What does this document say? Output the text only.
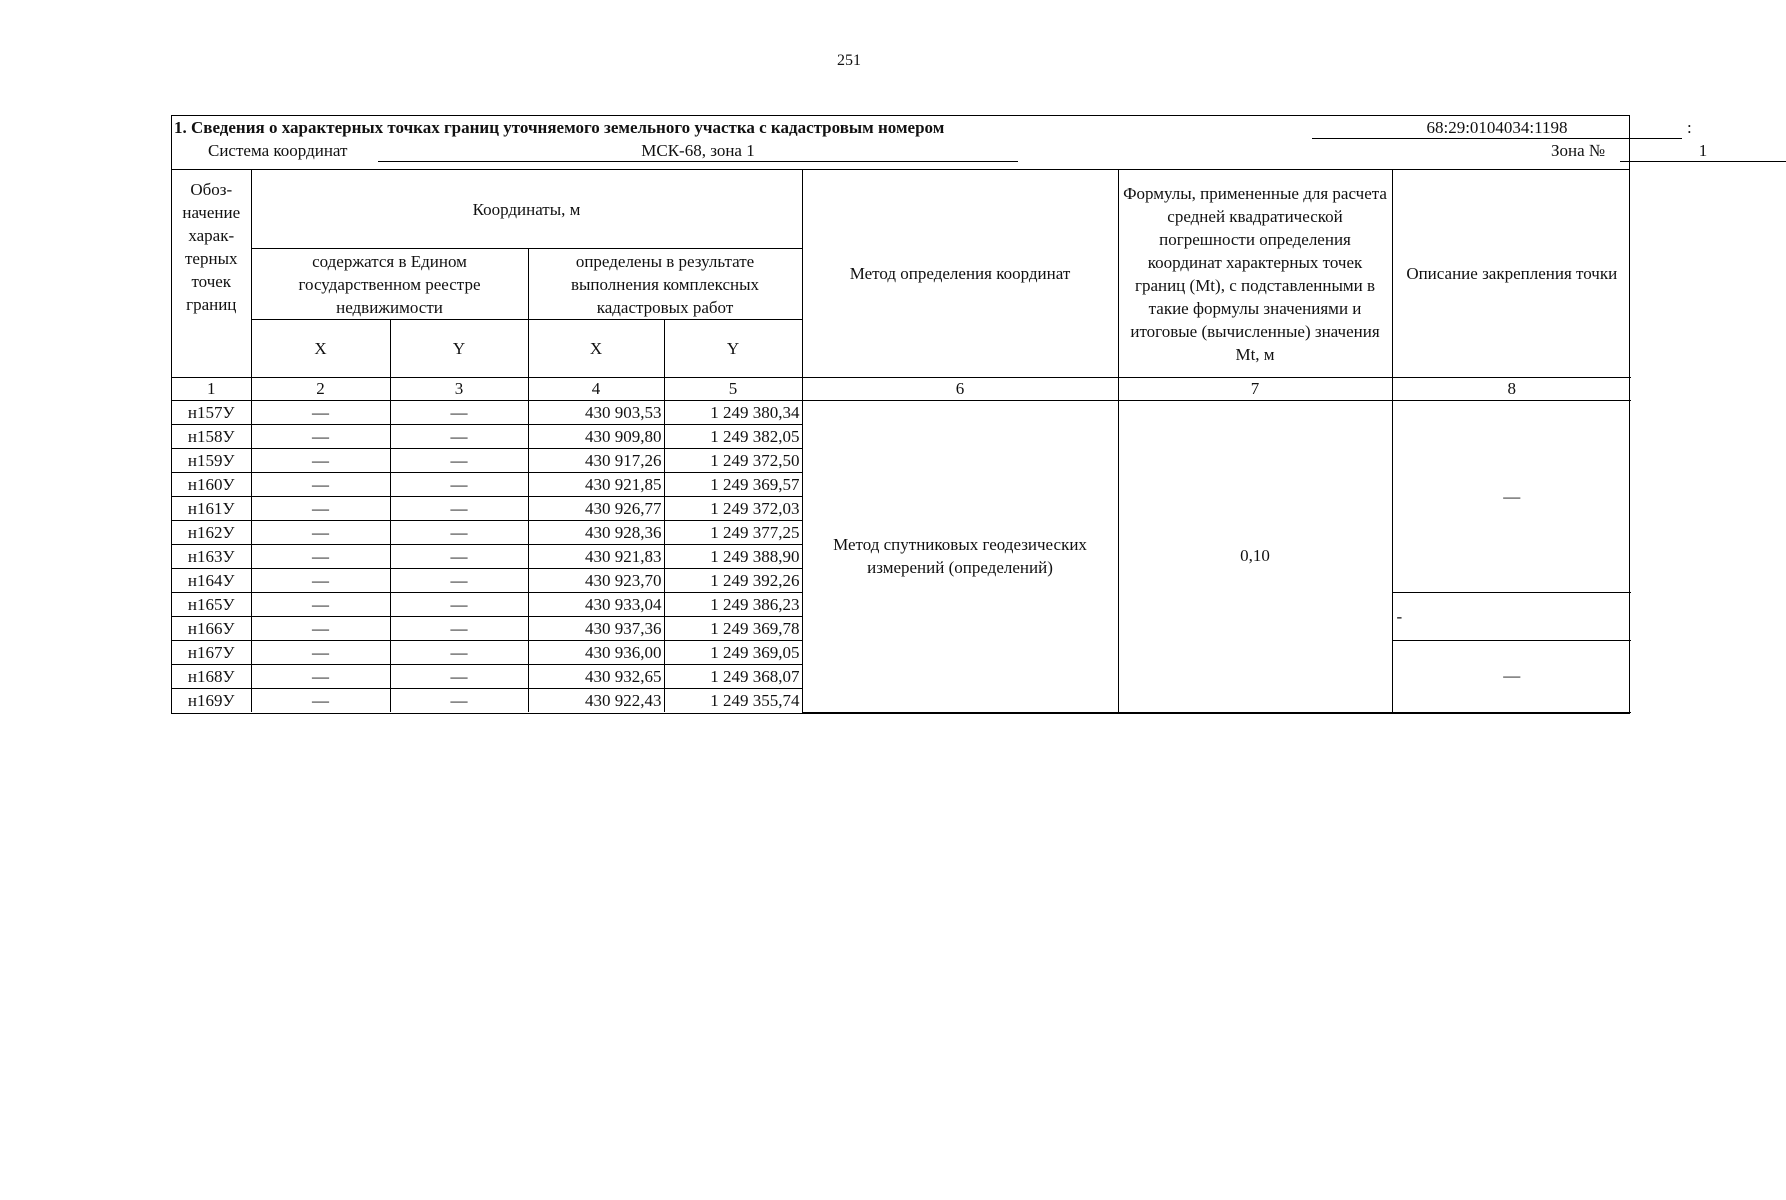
251
1. Сведения о характерных точках границ уточняемого земельного участка с кадастровым номером	68:29:0104034:1198	:
Система координат	МСК-68, зона 1	Зона №	1
Обоз-начение харак-терных точек границ	Координаты, м				Метод определения координат	Формулы, примененные для расчета средней квадратической погрешности определения координат характерных точек границ (Mt), с подставленными в такие формулы значениями и итоговые (вычисленные) значения Mt, м	Описание закрепления точки
	содержатся в Едином государственном реестре недвижимости		определены в результате выполнения комплексных кадастровых работ				
	X	Y	X	Y			
1	2	3	4	5	6	7	8
н157У	—	—	430 903,53	1 249 380,34	Метод спутниковых геодезических измерений (определений)	0,10	—
н158У	—	—	430 909,80	1 249 382,05			
н159У	—	—	430 917,26	1 249 372,50			
н160У	—	—	430 921,85	1 249 369,57			
н161У	—	—	430 926,77	1 249 372,03			
н162У	—	—	430 928,36	1 249 377,25			
н163У	—	—	430 921,83	1 249 388,90			
н164У	—	—	430 923,70	1 249 392,26			
н165У	—	—	430 933,04	1 249 386,23			-
н166У	—	—	430 937,36	1 249 369,78			
н167У	—	—	430 936,00	1 249 369,05			—
н168У	—	—	430 932,65	1 249 368,07			
н169У	—	—	430 922,43	1 249 355,74			
